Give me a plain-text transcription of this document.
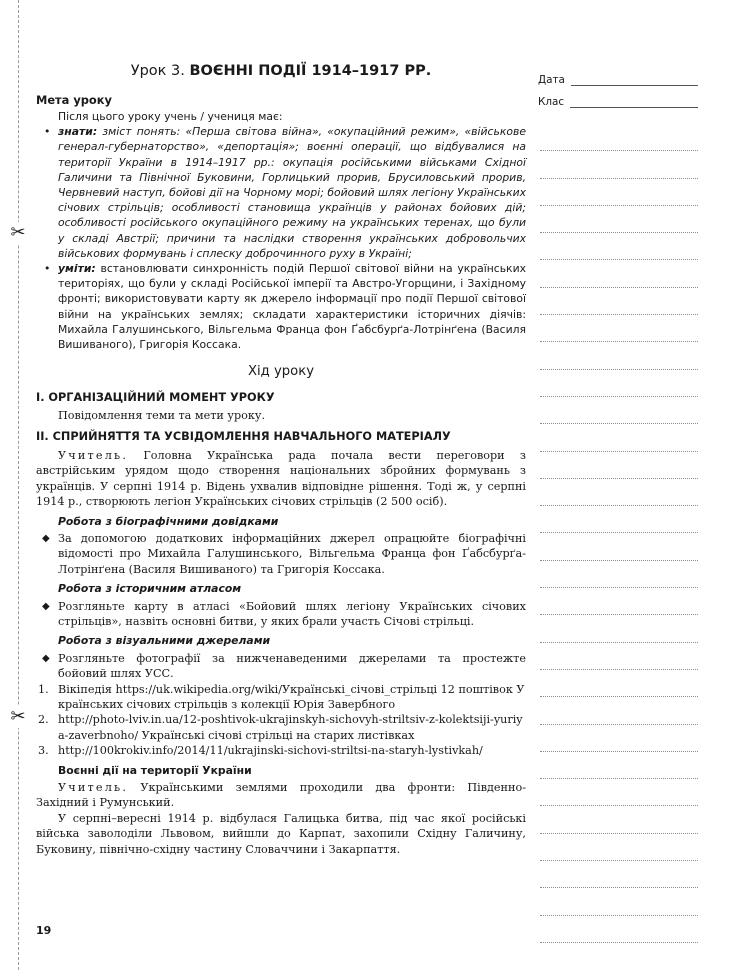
✂
✂
Урок 3. ВОЄННІ ПОДІЇ 1914–1917 РР.
Мета уроку
Після цього уроку учень / учениця має:
• знати: зміст понять: «Перша світова війна», «окупаційний режим», «військове генерал-губернаторство», «депортація»; воєнні операції, що відбувалися на території України в 1914–1917 рр.: окупація російськими військами Східної Галичини та Північної Буковини, Горлицький прорив, Брусиловський прорив, Червневий наступ, бойові дії на Чорному морі; бойовий шлях легіону Українських січових стрільців; особливості становища українців у районах бойових дій; особливості російського окупаційного режиму на українських теренах, що були у складі Австрії; причини та наслідки створення українських добровольчих військових формувань і сплеску доброчинного руху в Україні;
• уміти: встановлювати синхронність подій Першої світової війни на українських територіях, що були у складі Російської імперії та Австро-Угорщини, і Західному фронті; використовувати карту як джерело інформації про події Першої світової війни на українських землях; складати характеристики історичних діячів: Михайла Галушинського, Вільгельма Франца фон Ґабсбурґа-Лотрінґена (Василя Вишиваного), Григорія Коссака.
Хід уроку
I. ОРГАНІЗАЦІЙНИЙ МОМЕНТ УРОКУ

Повідомлення теми та мети уроку.

II. СПРИЙНЯТТЯ ТА УСВІДОМЛЕННЯ НАВЧАЛЬНОГО МАТЕРІАЛУ

Учитель. Головна Українська рада почала вести переговори з австрійським урядом щодо створення національних збройних формувань з українців. У серпні 1914 р. Відень ухвалив відповідне рішення. Тоді ж, у серпні 1914 р., створюють легіон Українських січових стрільців (2 500 осіб).

Робота з біографічними довідками

◆ За допомогою додаткових інформаційних джерел опрацюйте біографічні відомості про Михайла Галушинського, Вільгельма Франца фон Ґабсбурґа-Лотрінґена (Василя Вишиваного) та Григорія Коссака.

Робота з історичним атласом

◆ Розгляньте карту в атласі «Бойовий шлях легіону Українських січових стрільців», назвіть основні битви, у яких брали участь Січові стрільці.

Робота з візуальними джерелами

◆ Розгляньте фотографії за нижченаведеними джерелами та простежте бойовий шлях УСС.

1. Вікіпедія https://uk.wikipedia.org/wiki/Українські_січові_стрільці 12 поштівок Українських січових стрільців з колекції Юрія Завербного
2. http://photo-lviv.in.ua/12-poshtivok-ukrajinskyh-sichovyh-striltsiv-z-kolektsiji-yuriya-zaverbnoho/ Українські січові стрільці на старих листівках
3. http://100krokiv.info/2014/11/ukrajinski-sichovi-striltsi-na-staryh-lystivkah/
Воєнні дії на території України

Учитель. Українськими землями проходили два фронти: Південно-Західний і Румунський.

У серпні–вересні 1914 р. відбулася Галицька битва, під час якої російські війська заволоділи Львовом, вийшли до Карпат, захопили Східну Галичину, Буковину, північно-східну частину Словаччини і Закарпаття.

Дата
Клас
19
